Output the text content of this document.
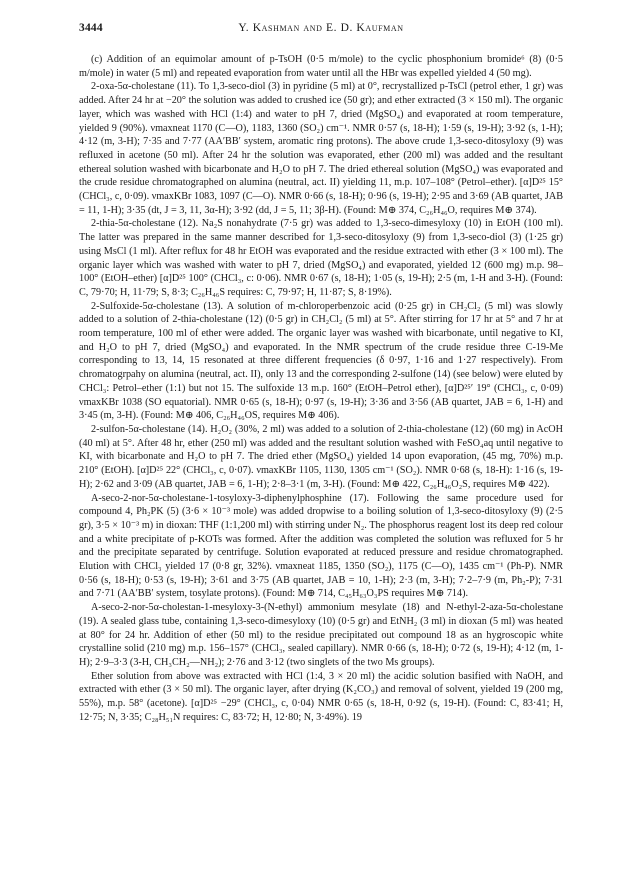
3444	Y. Kashman and E. D. Kaufman

(c) Addition of an equimolar amount of p-TsOH (0·5 m/mole) to the cyclic phosphonium bromide⁶ (8) (0·5 m/mole) in water (5 ml) and repeated evaporation from water until all the HBr was expelled yielded 4 (50 mg).

2-oxa-5α-cholestane (11). To 1,3-seco-diol (3) in pyridine (5 ml) at 0°, recrystallized p-TsCl (petrol ether, 1 gr) was added. After 24 hr at −20° the solution was added to crushed ice (50 gr); and ether extracted (3 × 150 ml). The organic layer, which was washed with HCl (1:4) and water to pH 7, dried (MgSO₄) and evaporated at room temperature, yielded 9 (90%). νmaxneat 1170 (C—O), 1183, 1360 (SO₂) cm⁻¹. NMR 0·57 (s, 18-H); 1·59 (s, 19-H); 3·92 (s, 1-H); 4·12 (m, 3-H); 7·35 and 7·77 (AA′BB′ system, aromatic ring protons). The above crude 1,3-seco-ditosyloxy (9) was refluxed in acetone (50 ml). After 24 hr the solution was evaporated, ether (200 ml) was added and the resultant ethereal solution washed with bicarbonate and H₂O to pH 7. The dried ethereal solution (MgSO₄) was evaporated and the crude residue chromatographed on alumina (neutral, act. II) yielding 11, m.p. 107–108° (Petrol–ether). [α]D²⁵ 15° (CHCl₃, c, 0·09). νmaxKBr 1083, 1097 (C—O). NMR 0·66 (s, 18-H); 0·96 (s, 19-H); 2·95 and 3·69 (AB quartet, JAB = 11, 1-H); 3·35 (dt, J = 3, 11, 3α-H); 3·92 (dd, J = 5, 11; 3β-H). (Found: M⊕ 374, C₂₆H₄₆O, requires M⊕ 374).

2-thia-5α-cholestane (12). Na₂S nonahydrate (7·5 gr) was added to 1,3-seco-dimesyloxy (10) in EtOH (100 ml). The latter was prepared in the same manner described for 1,3-seco-ditosyloxy (9) from 1,3-seco-diol (3) (1·25 gr) using MsCl (1 ml). After reflux for 48 hr EtOH was evaporated and the residue extracted with ether (3 × 100 ml). The organic layer which was washed with water to pH 7, dried (MgSO₄) and evaporated, yielded 12 (600 mg) m.p. 98–100° (EtOH–ether) [α]D²⁵ 100° (CHCl₃, c: 0·06). NMR 0·67 (s, 18-H); 1·05 (s, 19-H); 2·5 (m, 1-H and 3-H). (Found: C, 79·70; H, 11·79; S, 8·3; C₂₆H₄₆S requires: C, 79·97; H, 11·87; S, 8·19%).

2-Sulfoxide-5α-cholestane (13). A solution of m-chloroperbenzoic acid (0·25 gr) in CH₂Cl₂ (5 ml) was slowly added to a solution of 2-thia-cholestane (12) (0·5 gr) in CH₂Cl₂ (5 ml) at 5°. After stirring for 17 hr at 5° and 7 hr at room temperature, 100 ml of ether were added. The organic layer was washed with bicarbonate, until negative to KI, and H₂O to pH 7, dried (MgSO₄) and evaporated. In the NMR spectrum of the crude residue three C-19-Me corresponding to 13, 14, 15 resonated at three different frequencies (δ 0·97, 1·16 and 1·27 respectively). From chromatogrpahy on alumina (neutral, act. II), only 13 and the corresponding 2-sulfone (14) (see below) were eluted by CHCl₃: Petrol–ether (1:1) but not 15. The sulfoxide 13 m.p. 160° (EtOH–Petrol ether), [α]D²⁵′ 19° (CHCl₃, c, 0·09) νmaxKBr 1038 (SO equatorial). NMR 0·65 (s, 18-H); 0·97 (s, 19-H); 3·36 and 3·56 (AB quartet, JAB = 6, 1-H) and 3·45 (m, 3-H). (Found: M⊕ 406, C₂₆H₄₆OS, requires M⊕ 406).

2-sulfon-5α-cholestane (14). H₂O₂ (30%, 2 ml) was added to a solution of 2-thia-cholestane (12) (60 mg) in AcOH (40 ml) at 5°. After 48 hr, ether (250 ml) was added and the resultant solution washed with FeSO₄aq until negative to KI, with bicarbonate and H₂O to pH 7. The dried ether (MgSO₄) yielded 14 upon evaporation, (45 mg, 70%) m.p. 210° (EtOH). [α]D²⁵ 22° (CHCl₃, c, 0·07). νmaxKBr 1105, 1130, 1305 cm⁻¹ (SO₂). NMR 0·68 (s, 18-H): 1·16 (s, 19-H); 2·62 and 3·09 (AB quartet, JAB = 6, 1-H); 2·8–3·1 (m, 3-H). (Found: M⊕ 422, C₂₆H₄₆O₂S, requires M⊕ 422).

A-seco-2-nor-5α-cholestane-1-tosyloxy-3-diphenylphosphine (17). Following the same procedure used for compound 4, Ph₂PK (5) (3·6 × 10⁻³ mole) was added dropwise to a boiling solution of 1,3-seco-ditosyloxy (9) (2·5 gr), 3·5 × 10⁻³ m) in dioxan: THF (1:1,200 ml) with stirring under N₂. The phosphorus reagent lost its deep red colour and a white precipitate of p-KOTs was formed. After the addition was completed the solution was refluxed for 5 hr and the precipitate separated by centrifuge. Solution evaporated at reduced pressure and residue chromatographed. Elution with CHCl₃ yielded 17 (0·8 gr, 32%). νmaxneat 1185, 1350 (SO₂), 1175 (C—O), 1435 cm⁻¹ (Ph-P). NMR 0·56 (s, 18-H); 0·53 (s, 19-H); 3·61 and 3·75 (AB quartet, JAB = 10, 1-H); 2·3 (m, 3-H); 7·2–7·9 (m, Ph₂-P); 7·31 and 7·71 (AA′BB′ system, tosylate protons). (Found: M⊕ 714, C₄₅H₆₃O₃PS requires M⊕ 714).

A-seco-2-nor-5α-cholestan-1-mesyloxy-3-(N-ethyl) ammonium mesylate (18) and N-ethyl-2-aza-5α-cholestane (19). A sealed glass tube, containing 1,3-seco-dimesyloxy (10) (0·5 gr) and EtNH₂ (3 ml) in dioxan (5 ml) was heated at 80° for 24 hr. Addition of ether (50 ml) to the residue precipitated out compound 18 as an hygroscopic white crystalline solid (210 mg) m.p. 156–157° (CHCl₃, sealed capillary). NMR 0·66 (s, 18-H); 0·72 (s, 19-H); 4·12 (m, 1-H); 2·9–3·3 (3-H, CH₃CH₂—NH₂); 2·76 and 3·12 (two singlets of the two Ms groups).

Ether solution from above was extracted with HCl (1:4, 3 × 20 ml) the acidic solution basified with NaOH, and extracted with ether (3 × 50 ml). The organic layer, after drying (K₂CO₃) and removal of solvent, yielded 19 (200 mg, 55%), m.p. 58° (acetone). [α]D²⁵ −29° (CHCl₃, c, 0·04) NMR 0·65 (s, 18-H, 0·92 (s, 19-H). (Found: C, 83·41; H, 12·75; N, 3·35; C₂₈H₅₁N requires: C, 83·72; H, 12·80; N, 3·49%). 19
